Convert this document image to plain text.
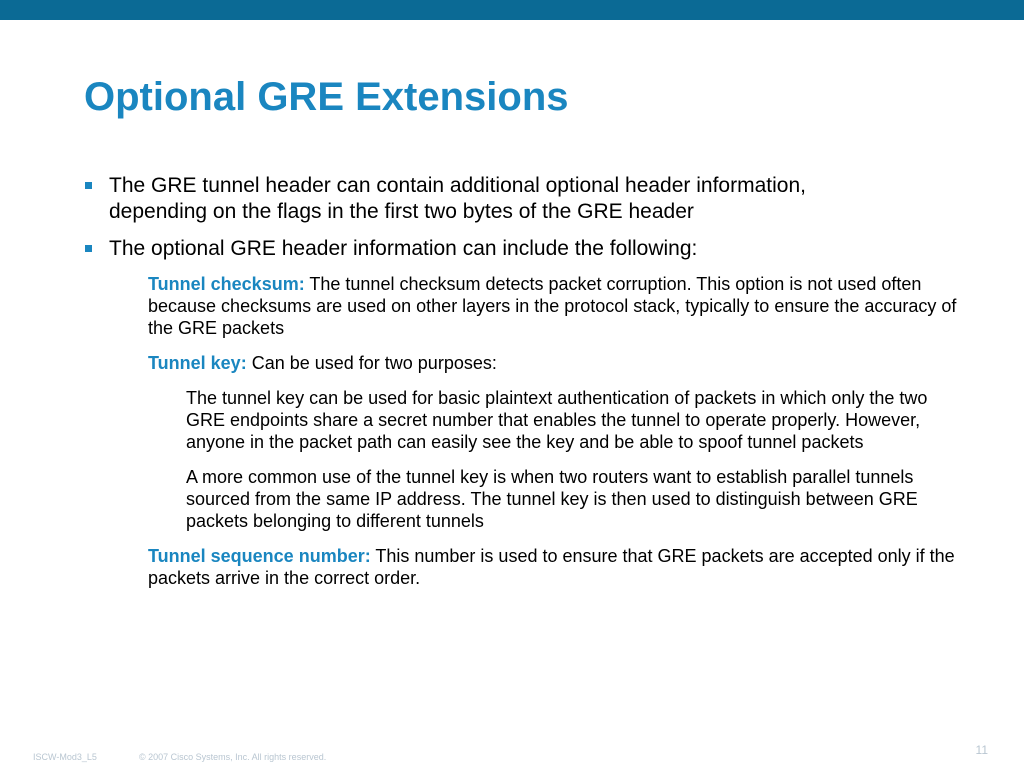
Optional GRE Extensions
The GRE tunnel header can contain additional optional header information, depending on the flags in the first two bytes of the GRE header
The optional GRE header information can include the following:
Tunnel checksum: The tunnel checksum detects packet corruption. This option is not used often because checksums are used on other layers in the protocol stack, typically to ensure the accuracy of the GRE packets
Tunnel key: Can be used for two purposes:
The tunnel key can be used for basic plaintext authentication of packets in which only the two GRE endpoints share a secret number that enables the tunnel to operate properly. However, anyone in the packet path can easily see the key and be able to spoof tunnel packets
A more common use of the tunnel key is when two routers want to establish parallel tunnels sourced from the same IP address. The tunnel key is then used to distinguish between GRE packets belonging to different tunnels
Tunnel sequence number: This number is used to ensure that GRE packets are accepted only if the packets arrive in the correct order.
ISCW-Mod3_L5	© 2007 Cisco Systems, Inc. All rights reserved.	11
